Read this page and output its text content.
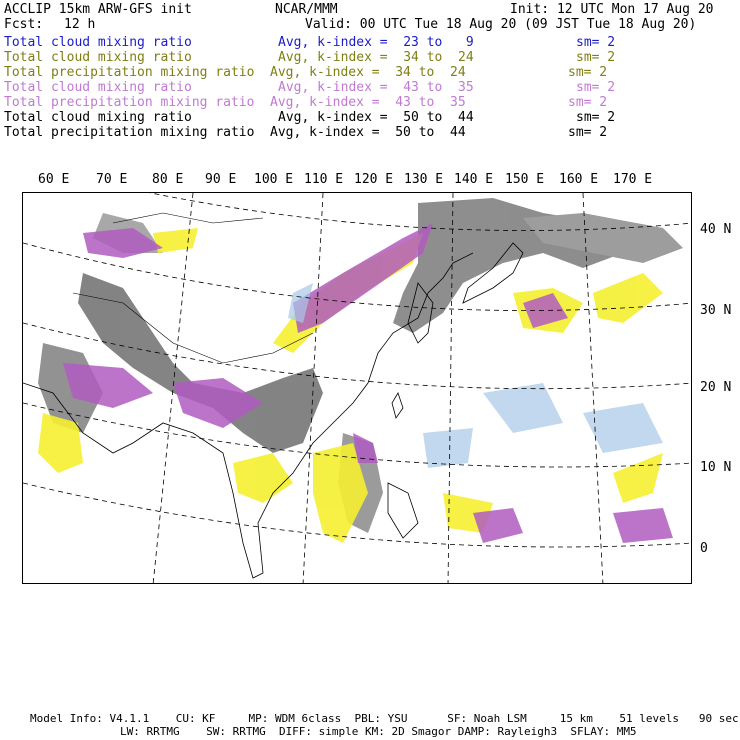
ACCLIP 15km ARW-GFS init	NCAR/MMM	Init: 12 UTC Mon 17 Aug 20
Fcst: 12 h	Valid: 00 UTC Tue 18 Aug 20 (09 JST Tue 18 Aug 20)
Total cloud mixing ratio	Avg, k-index = 23 to 9	sm= 2
Total cloud mixing ratio	Avg, k-index = 34 to 24	sm= 2
Total precipitation mixing ratio Avg, k-index = 34 to 24	sm= 2
Total cloud mixing ratio	Avg, k-index = 43 to 35	sm= 2
Total precipitation mixing ratio Avg, k-index = 43 to 35	sm= 2
Total cloud mixing ratio	Avg, k-index = 50 to 44	sm= 2
Total precipitation mixing ratio Avg, k-index = 50 to 44	sm= 2
60 E 70 E 80 E 90 E 100 E 110 E 120 E 130 E 140 E 150 E 160 E 170 E
40 N
30 N
20 N
10 N
0
Model Info: V4.1.1    CU: KF     MP: WDM 6class  PBL: YSU      SF: Noah LSM     15 km    51 levels   90 sec
LW: RRTMG    SW: RRTMG  DIFF: simple KM: 2D Smagor DAMP: Rayleigh3  SFLAY: MM5
